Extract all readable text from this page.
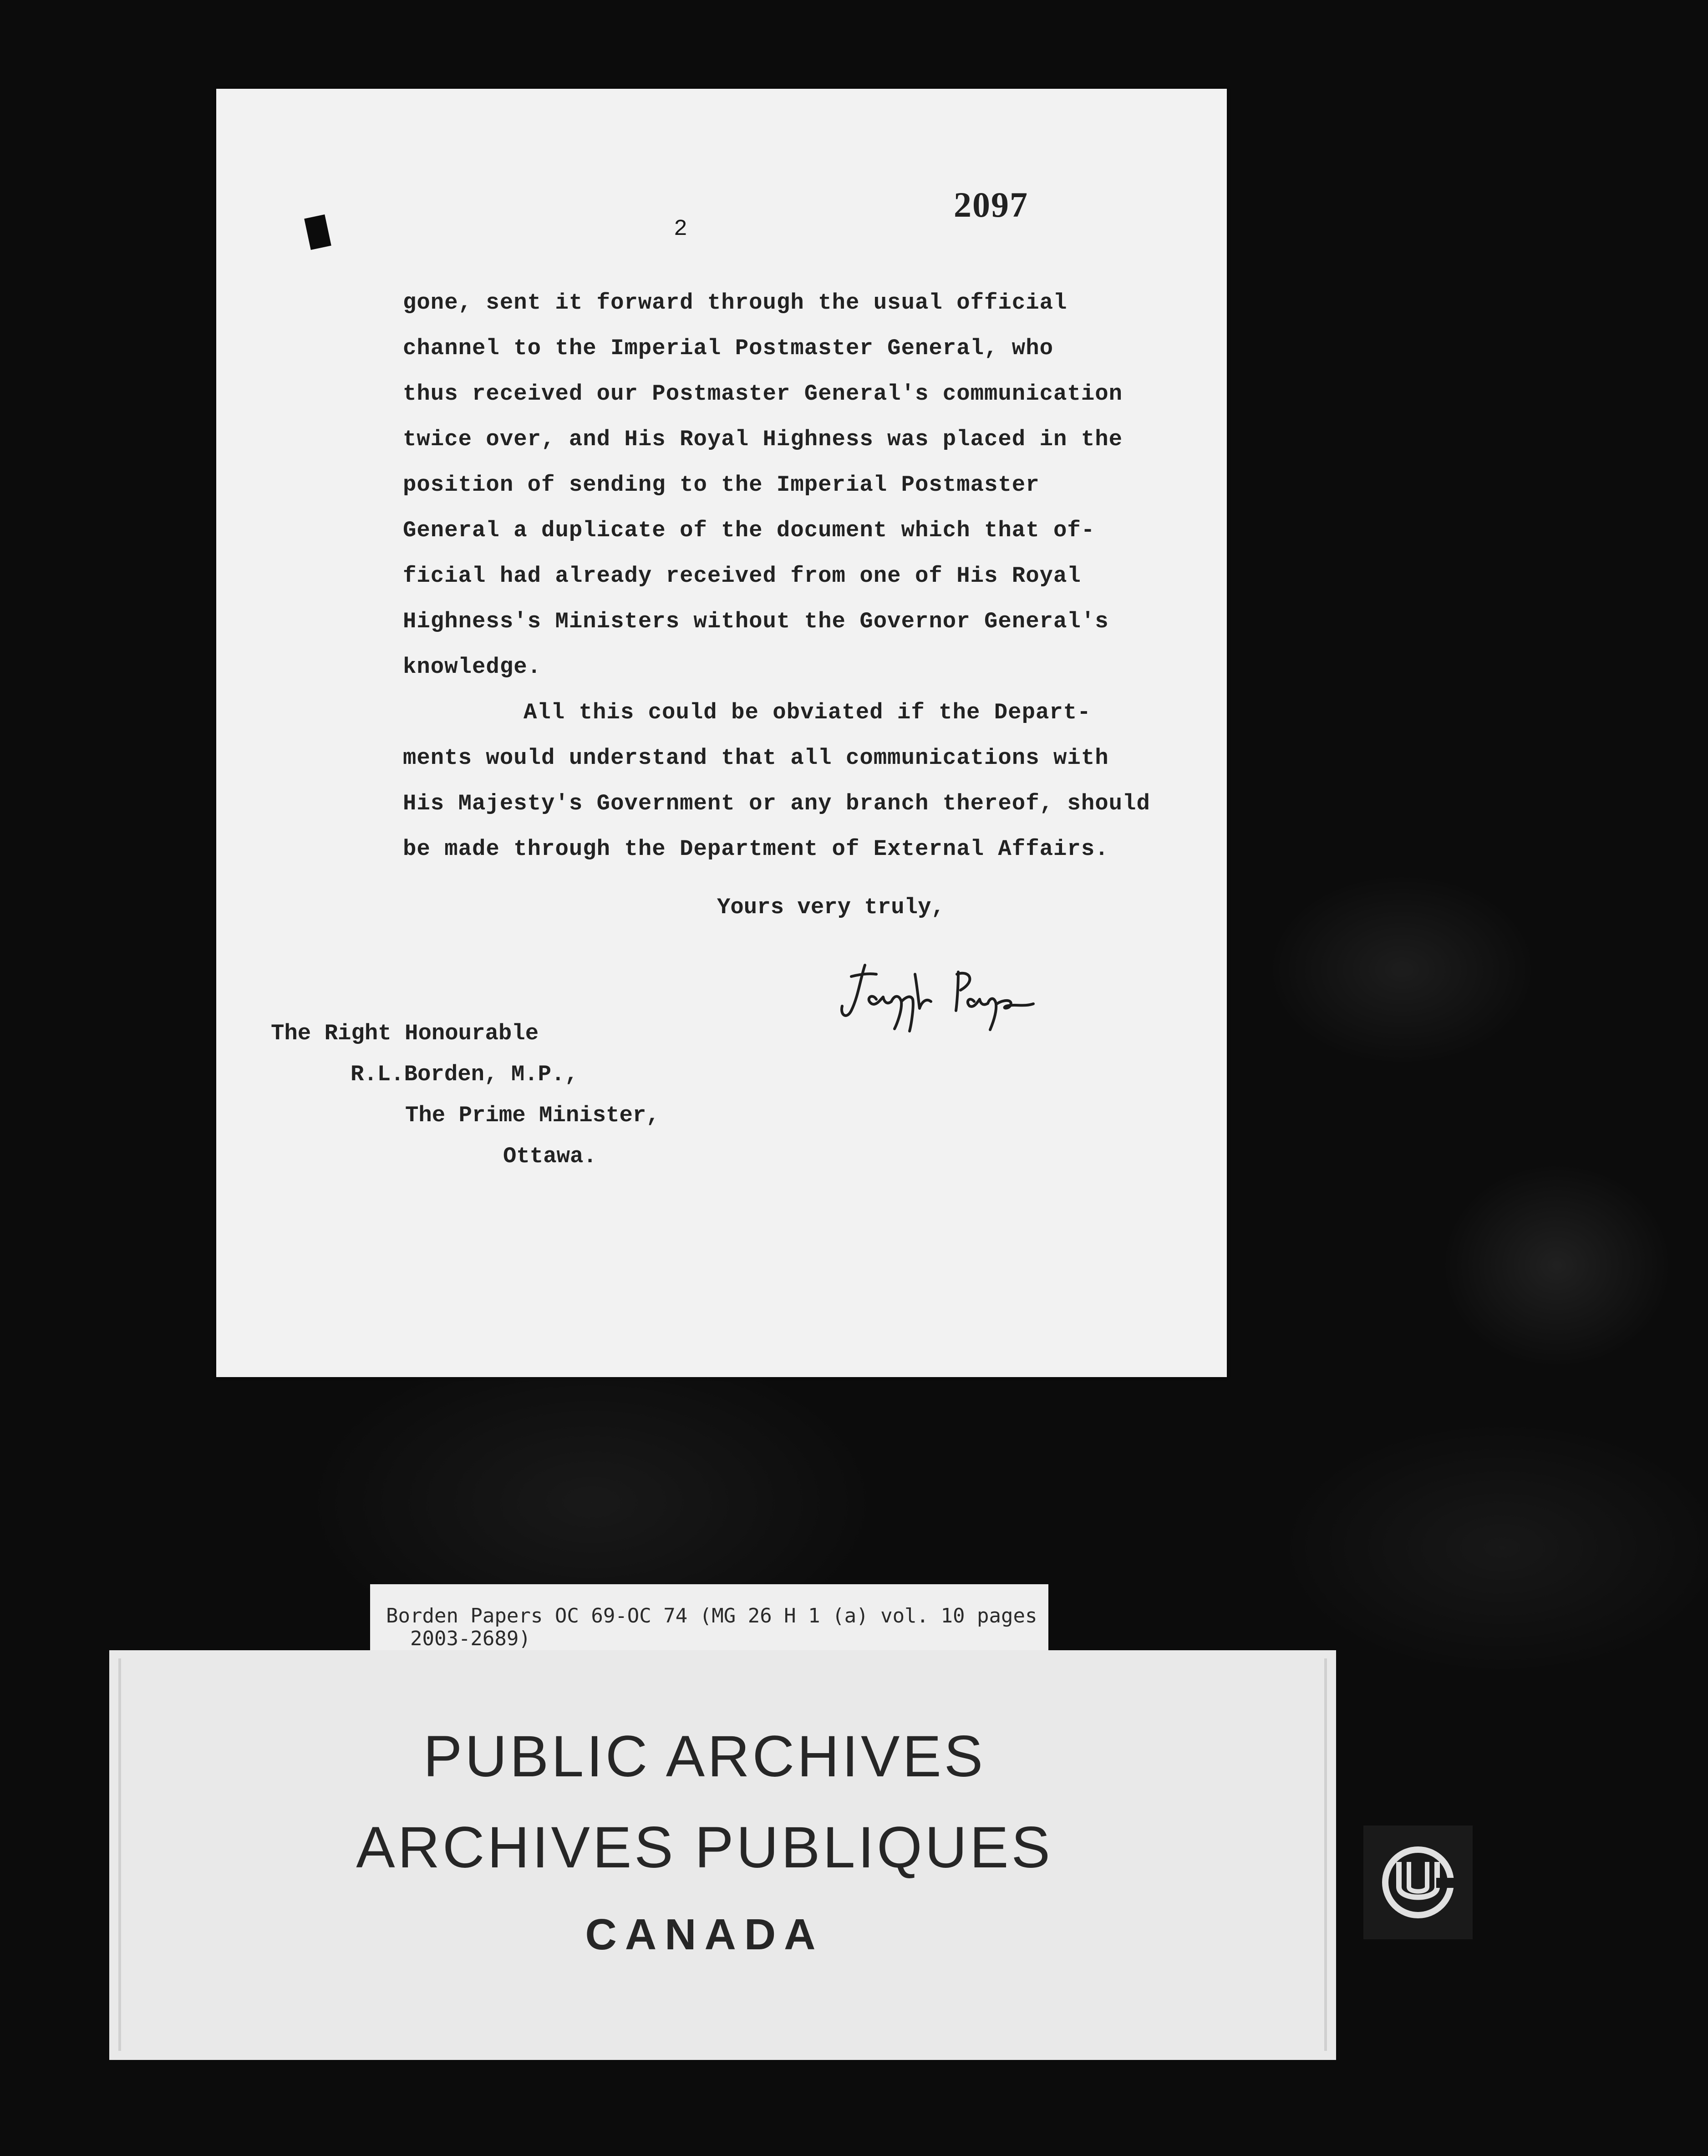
2
2097
gone, sent it forward through the usual official
channel to the Imperial Postmaster General, who
thus received our Postmaster General's communication
twice over, and His Royal Highness was placed in the
position of sending to the Imperial Postmaster
General a duplicate of the document which that of-
ficial had already received from one of His Royal
Highness's Ministers without the Governor General's
knowledge.
All this could be obviated if the Depart-
ments would understand that all communications with
His Majesty's Government or any branch thereof, should
be made through the Department of External Affairs.
Yours very truly,
The Right Honourable
R.L.Borden, M.P.,
The Prime Minister,
Ottawa.
Borden Papers OC 69-OC 74 (MG 26 H 1 (a) vol. 10 pages
2003-2689)
PUBLIC ARCHIVES
ARCHIVES PUBLIQUES
CANADA
